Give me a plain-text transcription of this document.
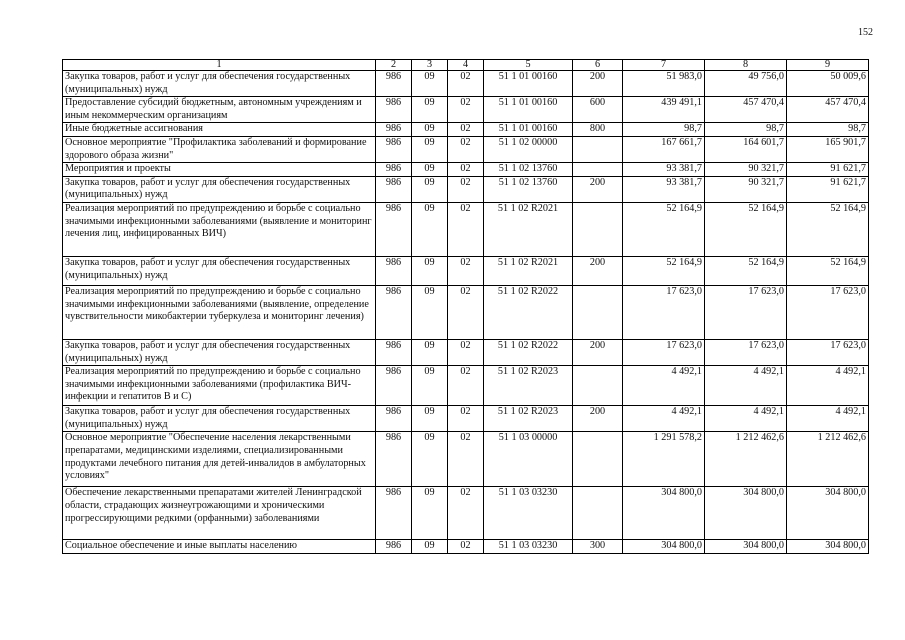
152
1	2	3	4	5	6	7	8	9
Закупка товаров, работ и услуг для обеспечения государственных (муниципальных) нужд	986	09	02	51 1 01 00160	200	51 983,0	49 756,0	50 009,6
Предоставление субсидий бюджетным, автономным учреждениям и иным некоммерческим организациям	986	09	02	51 1 01 00160	600	439 491,1	457 470,4	457 470,4
Иные бюджетные ассигнования	986	09	02	51 1 01 00160	800	98,7	98,7	98,7
Основное мероприятие "Профилактика заболеваний и формирование здорового образа жизни"	986	09	02	51 1 02 00000		167 661,7	164 601,7	165 901,7
Мероприятия и проекты	986	09	02	51 1 02 13760		93 381,7	90 321,7	91 621,7
Закупка товаров, работ и услуг для обеспечения государственных (муниципальных) нужд	986	09	02	51 1 02 13760	200	93 381,7	90 321,7	91 621,7
Реализация мероприятий по предупреждению и борьбе с социально значимыми инфекционными заболеваниями (выявление и мониторинг лечения лиц, инфицированных ВИЧ)	986	09	02	51 1 02 R2021		52 164,9	52 164,9	52 164,9
Закупка товаров, работ и услуг для обеспечения государственных (муниципальных) нужд	986	09	02	51 1 02 R2021	200	52 164,9	52 164,9	52 164,9
Реализация мероприятий по предупреждению и борьбе с социально значимыми инфекционными заболеваниями (выявление, определение чувствительности микобактерии туберкулеза и мониторинг лечения)	986	09	02	51 1 02 R2022		17 623,0	17 623,0	17 623,0
Закупка товаров, работ и услуг для обеспечения государственных (муниципальных) нужд	986	09	02	51 1 02 R2022	200	17 623,0	17 623,0	17 623,0
Реализация мероприятий по предупреждению и борьбе с социально значимыми инфекционными заболеваниями (профилактика ВИЧ-инфекции и гепатитов В и С)	986	09	02	51 1 02 R2023		4 492,1	4 492,1	4 492,1
Закупка товаров, работ и услуг для обеспечения государственных (муниципальных) нужд	986	09	02	51 1 02 R2023	200	4 492,1	4 492,1	4 492,1
Основное мероприятие "Обеспечение населения лекарственными препаратами, медицинскими изделиями, специализированными продуктами лечебного питания для детей-инвалидов в амбулаторных условиях"	986	09	02	51 1 03 00000		1 291 578,2	1 212 462,6	1 212 462,6
Обеспечение лекарственными препаратами жителей Ленинградской области, страдающих жизнеугрожающими и хроническими прогрессирующими редкими (орфанными) заболеваниями	986	09	02	51 1 03 03230		304 800,0	304 800,0	304 800,0
Социальное обеспечение и иные выплаты населению	986	09	02	51 1 03 03230	300	304 800,0	304 800,0	304 800,0
